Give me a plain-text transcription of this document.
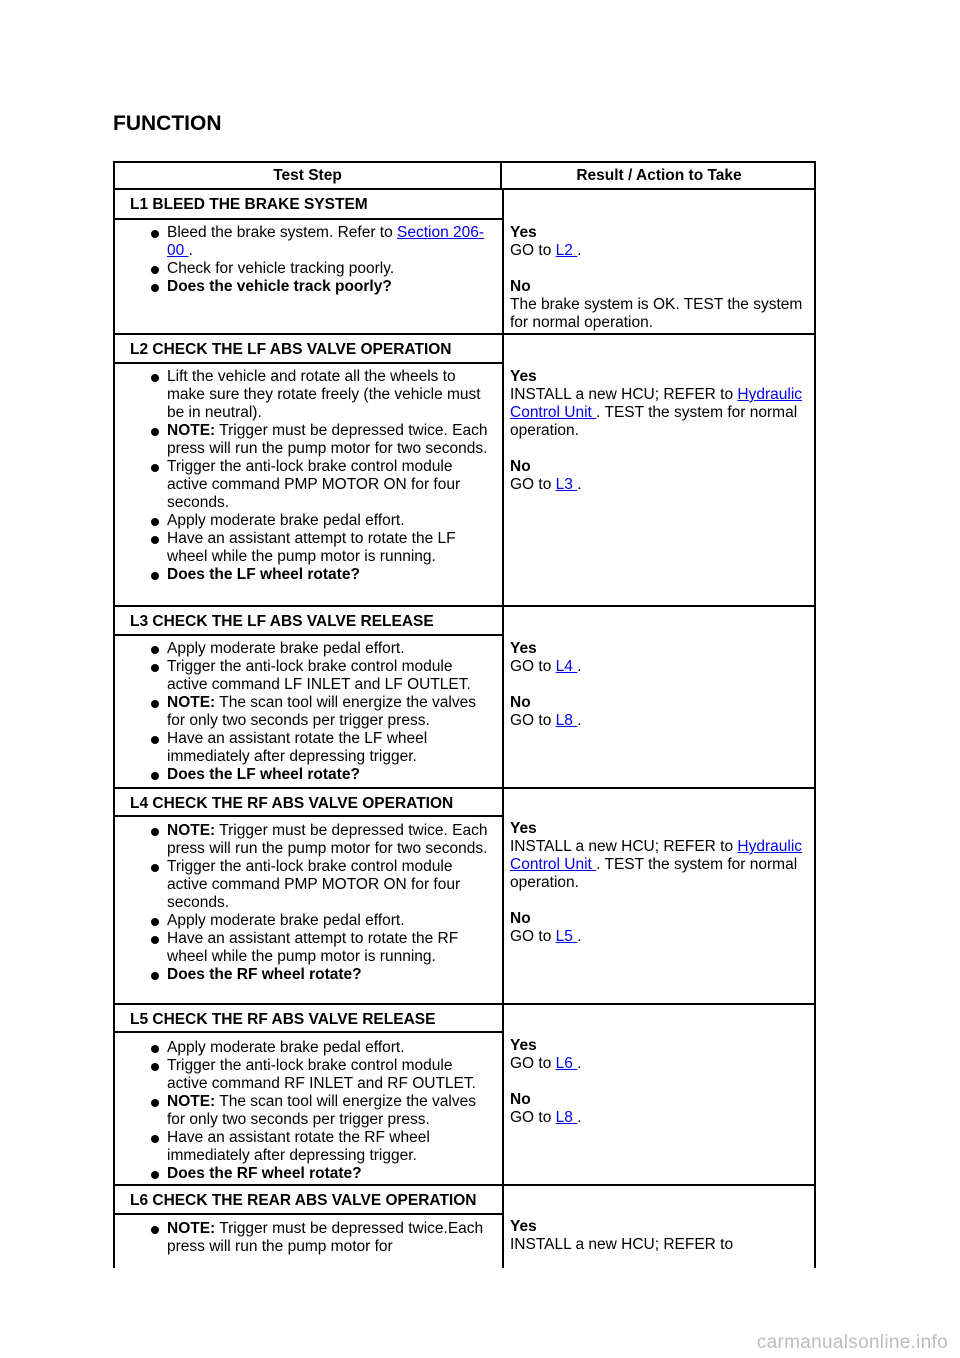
FUNCTION
Test Step	Result / Action to Take
L1 BLEED THE BRAKE SYSTEM
Bleed the brake system. Refer to Section 206-00 .
Check for vehicle tracking poorly.
Does the vehicle track poorly?
Yes
GO to L2 .
No
The brake system is OK. TEST the system for normal operation.
L2 CHECK THE LF ABS VALVE OPERATION
Lift the vehicle and rotate all the wheels to make sure they rotate freely (the vehicle must be in neutral).
NOTE: Trigger must be depressed twice. Each press will run the pump motor for two seconds.
Trigger the anti-lock brake control module active command PMP MOTOR ON for four seconds.
Apply moderate brake pedal effort.
Have an assistant attempt to rotate the LF wheel while the pump motor is running.
Does the LF wheel rotate?
Yes
INSTALL a new HCU; REFER to Hydraulic Control Unit . TEST the system for normal operation.
No
GO to L3 .
L3 CHECK THE LF ABS VALVE RELEASE
Apply moderate brake pedal effort.
Trigger the anti-lock brake control module active command LF INLET and LF OUTLET.
NOTE: The scan tool will energize the valves for only two seconds per trigger press.
Have an assistant rotate the LF wheel immediately after depressing trigger.
Does the LF wheel rotate?
Yes
GO to L4 .
No
GO to L8 .
L4 CHECK THE RF ABS VALVE OPERATION
NOTE: Trigger must be depressed twice. Each press will run the pump motor for two seconds.
Trigger the anti-lock brake control module active command PMP MOTOR ON for four seconds.
Apply moderate brake pedal effort.
Have an assistant attempt to rotate the RF wheel while the pump motor is running.
Does the RF wheel rotate?
Yes
INSTALL a new HCU; REFER to Hydraulic Control Unit . TEST the system for normal operation.
No
GO to L5 .
L5 CHECK THE RF ABS VALVE RELEASE
Apply moderate brake pedal effort.
Trigger the anti-lock brake control module active command RF INLET and RF OUTLET.
NOTE: The scan tool will energize the valves for only two seconds per trigger press.
Have an assistant rotate the RF wheel immediately after depressing trigger.
Does the RF wheel rotate?
Yes
GO to L6 .
No
GO to L8 .
L6 CHECK THE REAR ABS VALVE OPERATION
NOTE: Trigger must be depressed twice.Each press will run the pump motor for
Yes
INSTALL a new HCU; REFER to
carmanualsonline.info
